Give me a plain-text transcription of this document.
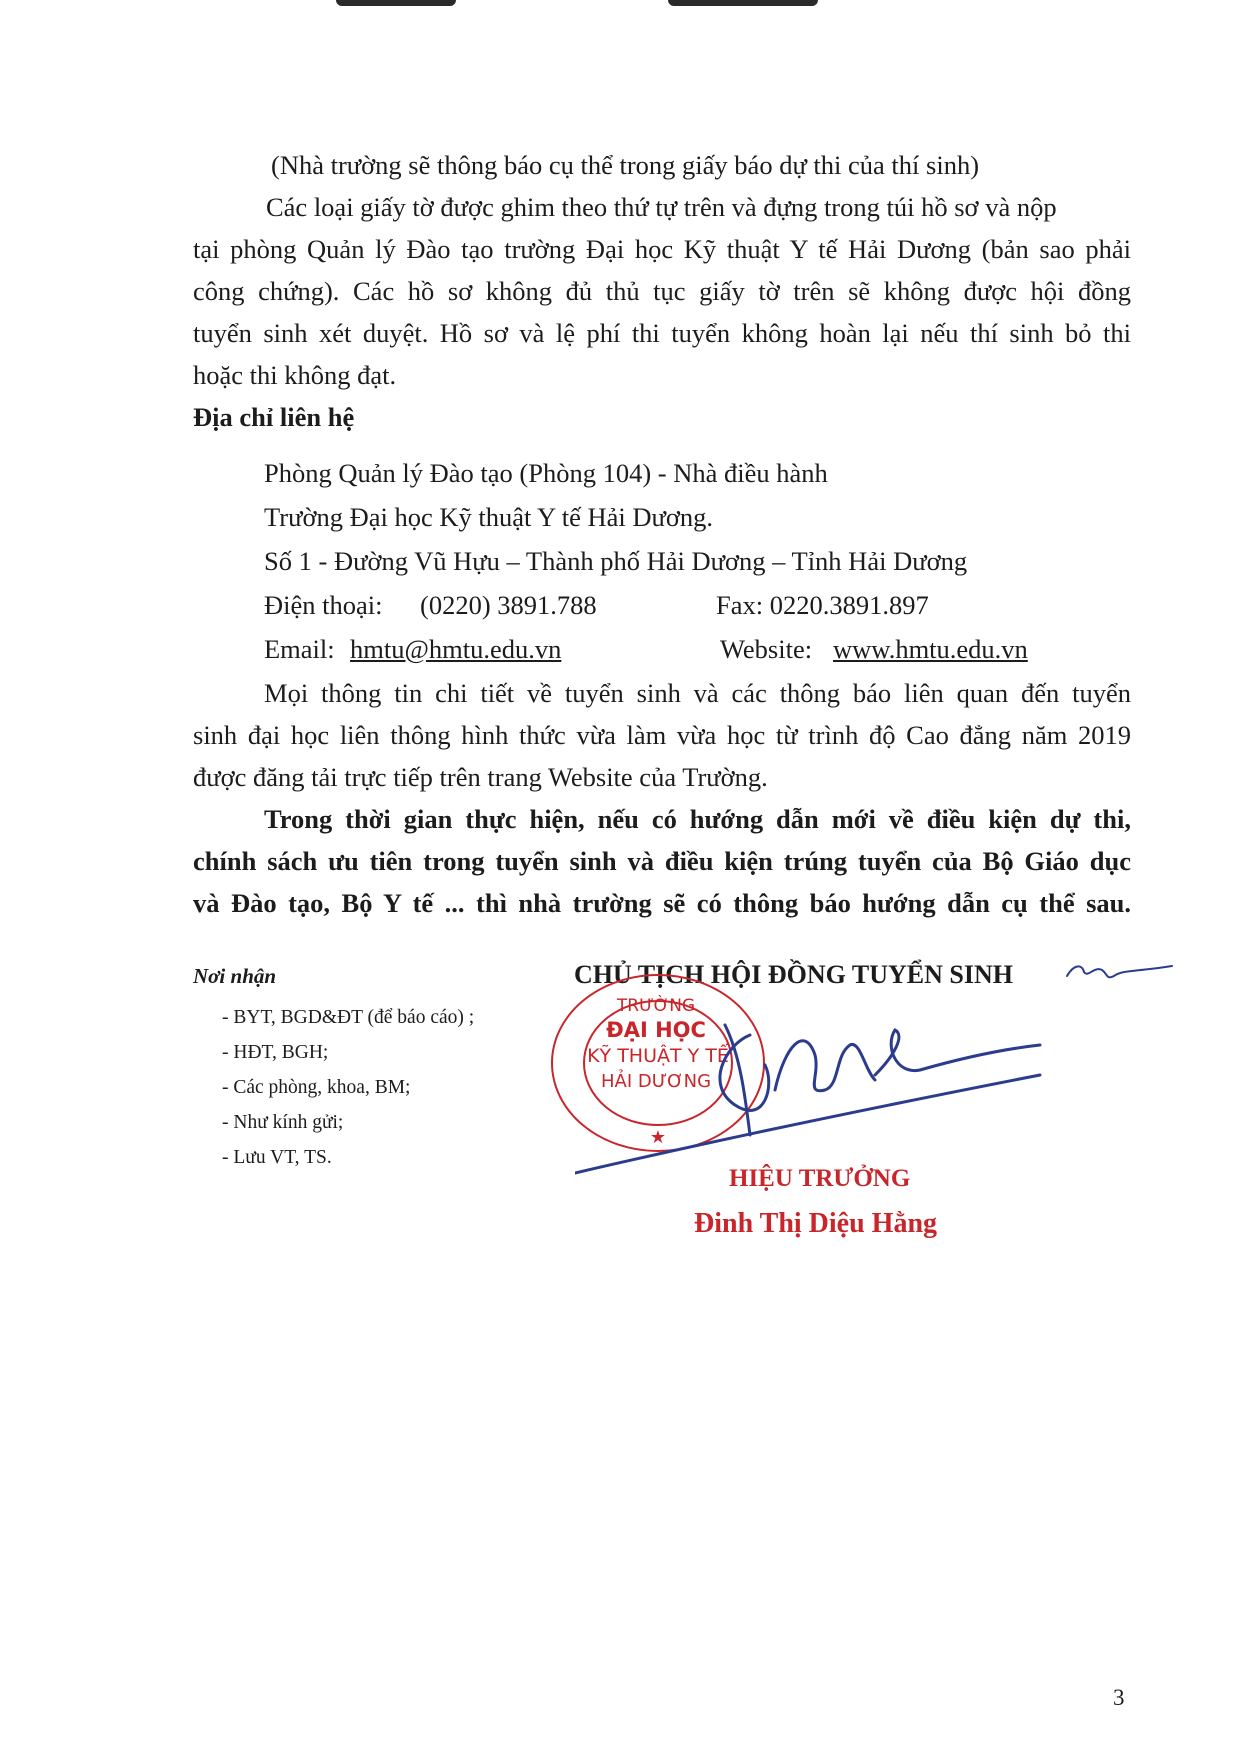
(Nhà trường sẽ thông báo cụ thể trong giấy báo dự thi của thí sinh)

Các loại giấy tờ được ghim theo thứ tự trên và đựng trong túi hồ sơ và nộp

tại phòng Quản lý Đào tạo trường Đại học Kỹ thuật Y tế Hải Dương (bản sao phải

công chứng). Các hồ sơ không đủ thủ tục giấy tờ trên sẽ không được hội đồng

tuyển sinh xét duyệt. Hồ sơ và lệ phí thi tuyển không hoàn lại nếu thí sinh bỏ thi

hoặc thi không đạt.

Địa chỉ liên hệ

Phòng Quản lý Đào tạo (Phòng 104) - Nhà điều hành

Trường Đại học Kỹ thuật Y tế Hải Dương.

Số 1 - Đường Vũ Hựu – Thành phố Hải Dương – Tỉnh Hải Dương

Điện thoại: (0220) 3891.788	Fax: 0220.3891.897

Email: hmtu@hmtu.edu.vn	Website: www.hmtu.edu.vn

Mọi thông tin chi tiết về tuyển sinh và các thông báo liên quan đến tuyển

sinh đại học liên thông hình thức vừa làm vừa học từ trình độ Cao đẳng năm 2019

được đăng tải trực tiếp trên trang Website của Trường.

Trong thời gian thực hiện, nếu có hướng dẫn mới về điều kiện dự thi,

chính sách ưu tiên trong tuyển sinh và điều kiện trúng tuyển của Bộ Giáo dục

và Đào tạo, Bộ Y tế ... thì nhà trường sẽ có thông báo hướng dẫn cụ thể sau.

Nơi nhận
- BYT, BGD&ĐT (để báo cáo) ;
- HĐT, BGH;
- Các phòng, khoa, BM;
- Như kính gửi;
- Lưu VT, TS.
CHỦ TỊCH HỘI ĐỒNG TUYỂN SINH
TRƯỜNG
ĐẠI HỌC
KỸ THUẬT Y TẾ
HẢI DƯƠNG
★
HIỆU TRƯỞNG
Đinh Thị Diệu Hằng
3
